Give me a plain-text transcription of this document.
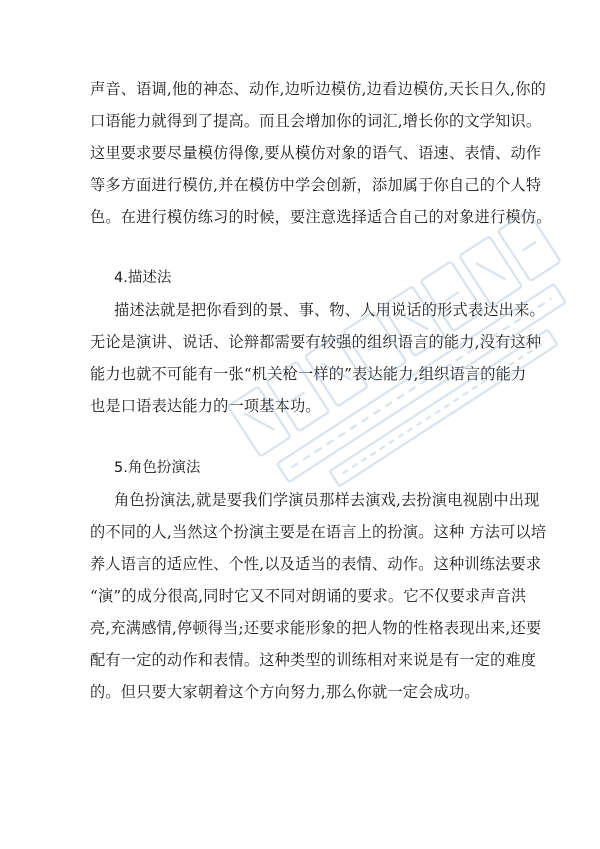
声音、语调,他的神态、动作,边听边模仿,边看边模仿,天长日久,你的
口语能力就得到了提高。而且会增加你的词汇,增长你的文学知识。
这里要求要尽量模仿得像,要从模仿对象的语气、语速、表情、动作
等多方面进行模仿,并在模仿中学会创新，添加属于你自己的个人特
色。在进行模仿练习的时候，要注意选择适合自己的对象进行模仿。
4.描述法
描述法就是把你看到的景、事、物、人用说话的形式表达出来。
无论是演讲、说话、论辩都需要有较强的组织语言的能力,没有这种
能力也就不可能有一张“机关枪一样的”表达能力,组织语言的能力
也是口语表达能力的一项基本功。
5.角色扮演法
角色扮演法,就是要我们学演员那样去演戏,去扮演电视剧中出现
的不同的人,当然这个扮演主要是在语言上的扮演。这种 方法可以培
养人语言的适应性、个性,以及适当的表情、动作。这种训练法要求
“演”的成分很高,同时它又不同对朗诵的要求。它不仅要求声音洪
亮,充满感情,停顿得当;还要求能形象的把人物的性格表现出来,还要
配有一定的动作和表情。这种类型的训练相对来说是有一定的难度
的。但只要大家朝着这个方向努力,那么你就一定会成功。
